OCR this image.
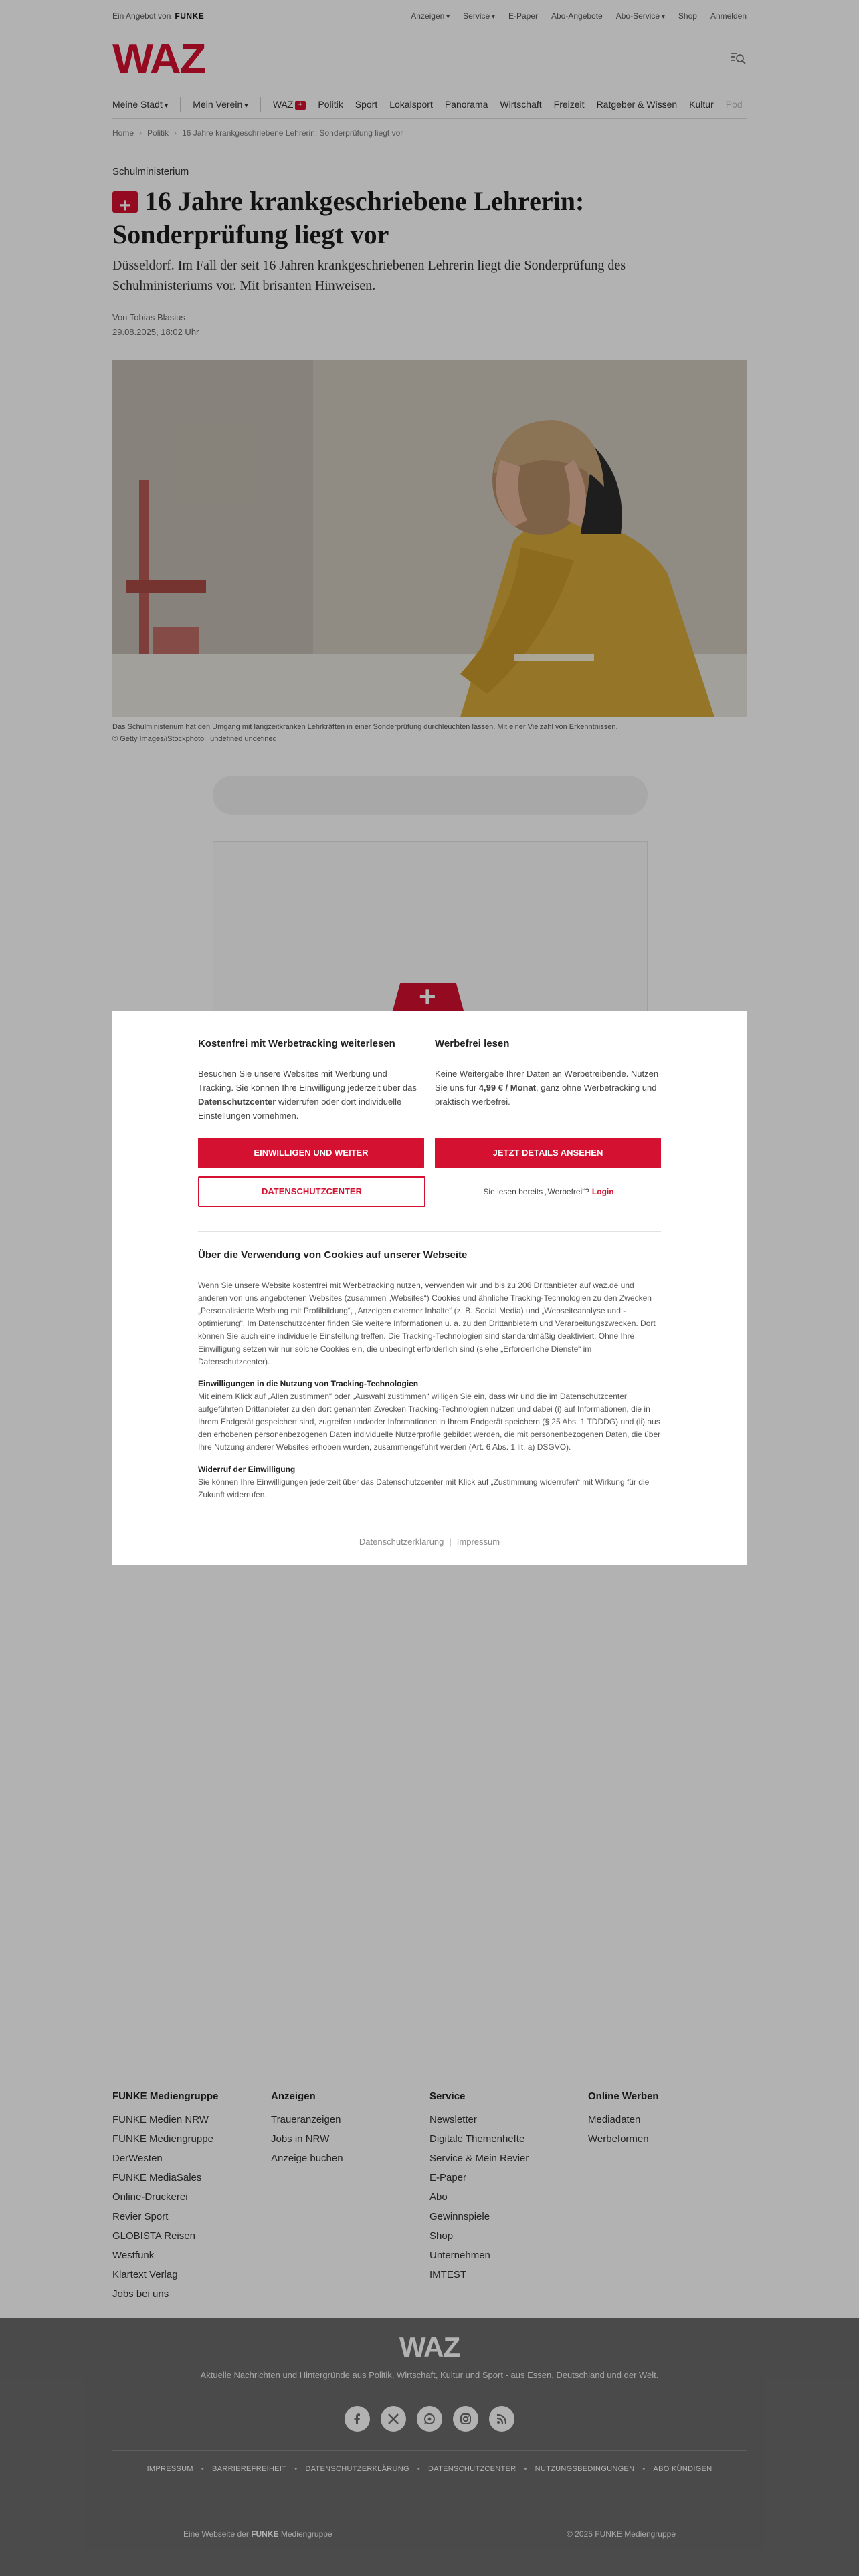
Ein Angebot von FUNKE	Anzeigen ▾	Service ▾	E-Paper Abo-Angebote Abo-Service ▾	Shop Anmelden
WAZ
Meine Stadt ▾	Mein Verein ▾	WAZ+	Politik Sport Lokalsport Panorama Wirtschaft Freizeit Ratgeber & Wissen Kultur Pod
Home › Politik › 16 Jahre krankgeschriebene Lehrerin: Sonderprüfung liegt vor
Schulministerium
+16 Jahre krankgeschriebene Lehrerin: Sonderprüfung liegt vor

Düsseldorf. Im Fall der seit 16 Jahren krankgeschriebenen Lehrerin liegt die Sonderprüfung des Schulministeriums vor. Mit brisanten Hinweisen.

Von Tobias Blasius
29.08.2025, 18:02 Uhr
Das Schulministerium hat den Umgang mit langzeitkranken Lehrkräften in einer Sonderprüfung durchleuchten lassen. Mit einer Vielzahl von Erkenntnissen.
© Getty Images/iStockphoto | undefined undefined
+
FUNKE Mediengruppe
FUNKE Medien NRW
FUNKE Mediengruppe
DerWesten
FUNKE MediaSales
Online-Druckerei
Revier Sport
GLOBISTA Reisen
Westfunk
Klartext Verlag
Jobs bei uns
Anzeigen
Traueranzeigen
Jobs in NRW
Anzeige buchen
Service
Newsletter
Digitale Themenhefte
Service & Mein Revier
E-Paper
Abo
Gewinnspiele
Shop
Unternehmen
IMTEST
Online Werben
Mediadaten
Werbeformen
WAZ
Aktuelle Nachrichten und Hintergründe aus Politik, Wirtschaft, Kultur und Sport - aus Essen, Deutschland und der Welt.
IMPRESSUM • BARRIEREFREIHEIT • DATENSCHUTZERKLÄRUNG • DATENSCHUTZCENTER • NUTZUNGSBEDINGUNGEN • ABO KÜNDIGEN
Eine Webseite der FUNKE Mediengruppe	© 2025 FUNKE Mediengruppe
Kostenfrei mit Werbetracking weiterlesen

Besuchen Sie unsere Websites mit Werbung und Tracking. Sie können Ihre Einwilligung jederzeit über das Datenschutzcenter widerrufen oder dort individuelle Einstellungen vornehmen.

Werbefrei lesen

Keine Weitergabe Ihrer Daten an Werbetreibende. Nutzen Sie uns für 4,99 € / Monat, ganz ohne Werbetracking und praktisch werbefrei.

EINWILLIGEN UND WEITER	JETZT DETAILS ANSEHEN
DATENSCHUTZCENTER	Sie lesen bereits „Werbefrei“? Login
Über die Verwendung von Cookies auf unserer Webseite

Wenn Sie unsere Website kostenfrei mit Werbetracking nutzen, verwenden wir und bis zu 206 Drittanbieter auf waz.de und anderen von uns angebotenen Websites (zusammen „Websites“) Cookies und ähnliche Tracking-Technologien zu den Zwecken „Personalisierte Werbung mit Profilbildung“, „Anzeigen externer Inhalte“ (z. B. Social Media) und „Webseiteanalyse und -optimierung“. Im Datenschutzcenter finden Sie weitere Informationen u. a. zu den Drittanbietern und Verarbeitungszwecken. Dort können Sie auch eine individuelle Einstellung treffen. Die Tracking-Technologien sind standardmäßig deaktiviert. Ohne Ihre Einwilligung setzen wir nur solche Cookies ein, die unbedingt erforderlich sind (siehe „Erforderliche Dienste“ im Datenschutzcenter).

Einwilligungen in die Nutzung von Tracking-Technologien
Mit einem Klick auf „Allen zustimmen“ oder „Auswahl zustimmen“ willigen Sie ein, dass wir und die im Datenschutzcenter aufgeführten Drittanbieter zu den dort genannten Zwecken Tracking-Technologien nutzen und dabei (i) auf Informationen, die in Ihrem Endgerät gespeichert sind, zugreifen und/oder Informationen in Ihrem Endgerät speichern (§ 25 Abs. 1 TDDDG) und (ii) aus den erhobenen personenbezogenen Daten individuelle Nutzerprofile gebildet werden, die mit personenbezogenen Daten, die über Ihre Nutzung anderer Websites erhoben wurden, zusammengeführt werden (Art. 6 Abs. 1 lit. a) DSGVO).

Widerruf der Einwilligung
Sie können Ihre Einwilligungen jederzeit über das Datenschutzcenter mit Klick auf „Zustimmung widerrufen“ mit Wirkung für die Zukunft widerrufen.

Datenschutzerklärung | Impressum
